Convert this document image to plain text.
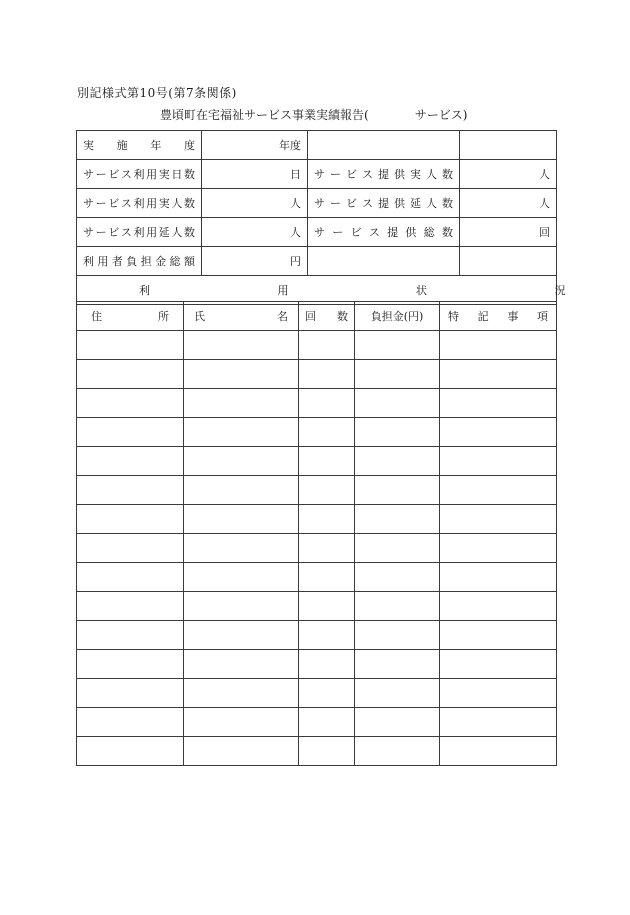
別記様式第10号(第7条関係)
豊頃町在宅福祉サービス事業実績報告(	サービス)
実 施 年 度	年度		
サービス利用実日数	日	サービス提供実人数	人
サービス利用実人数	人	サービス提供延人数	人
サービス利用延人数	人	サービス提供総数	回
利用者負担金総額	円		
利 用 状 況			
住 所	氏 名	回 数	負担金(円)	特 記 事 項
